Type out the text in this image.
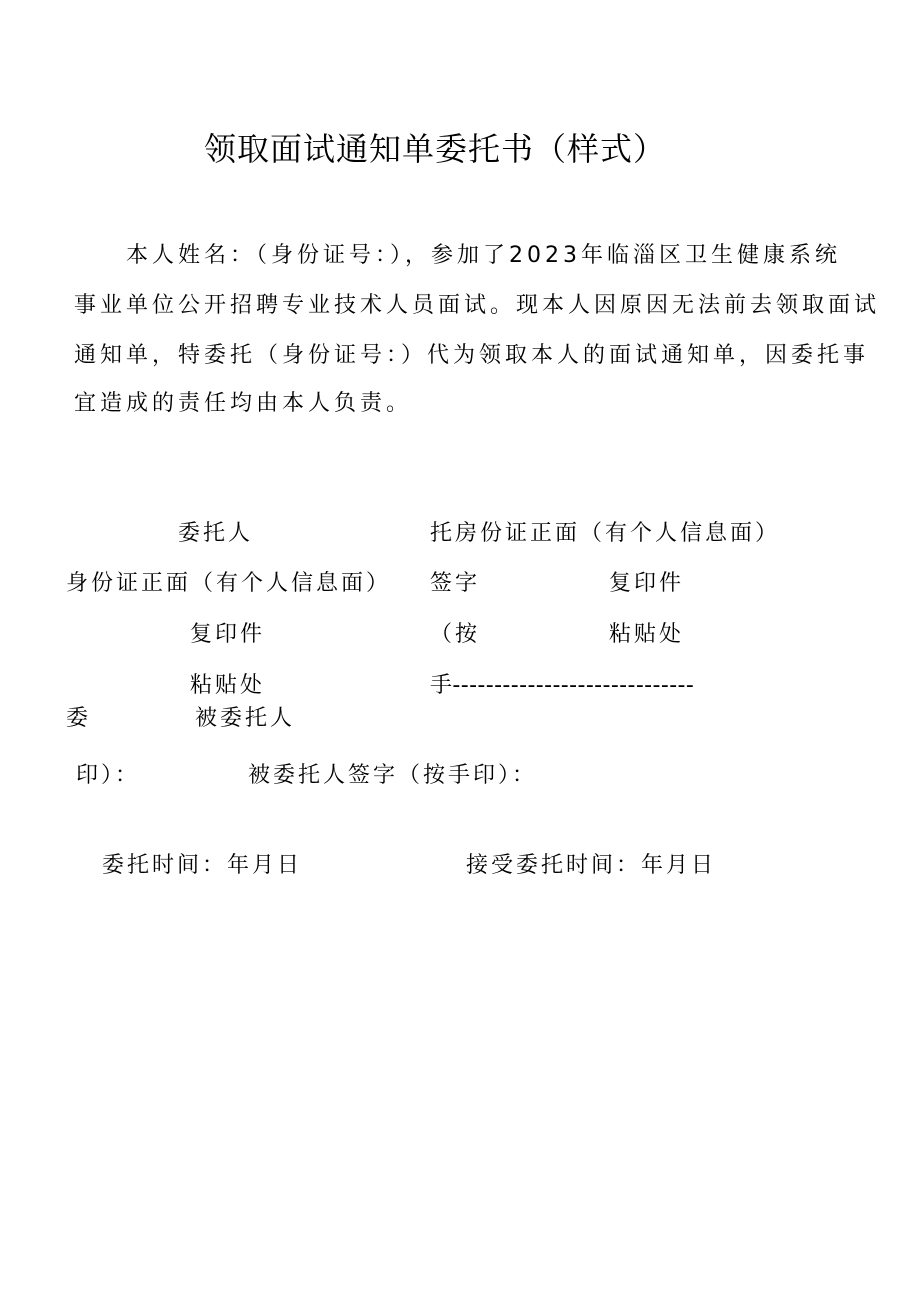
领取面试通知单委托书（样式）
　　本人姓名：（身份证号：），参加了2023年临淄区卫生健康系统
事业单位公开招聘专业技术人员面试。现本人因原因无法前去领取面试
通知单，特委托（身份证号：）代为领取本人的面试通知单，因委托事
宜造成的责任均由本人负责。
委托人	托房份证正面（有个人信息面）
身份证正面（有个人信息面） 签字	复印件
复印件	（按	粘贴处
粘贴处	手-----------------------------
委	被委托人
印）：	被委托人签字（按手印）：
委托时间：年月日	接受委托时间：年月日
